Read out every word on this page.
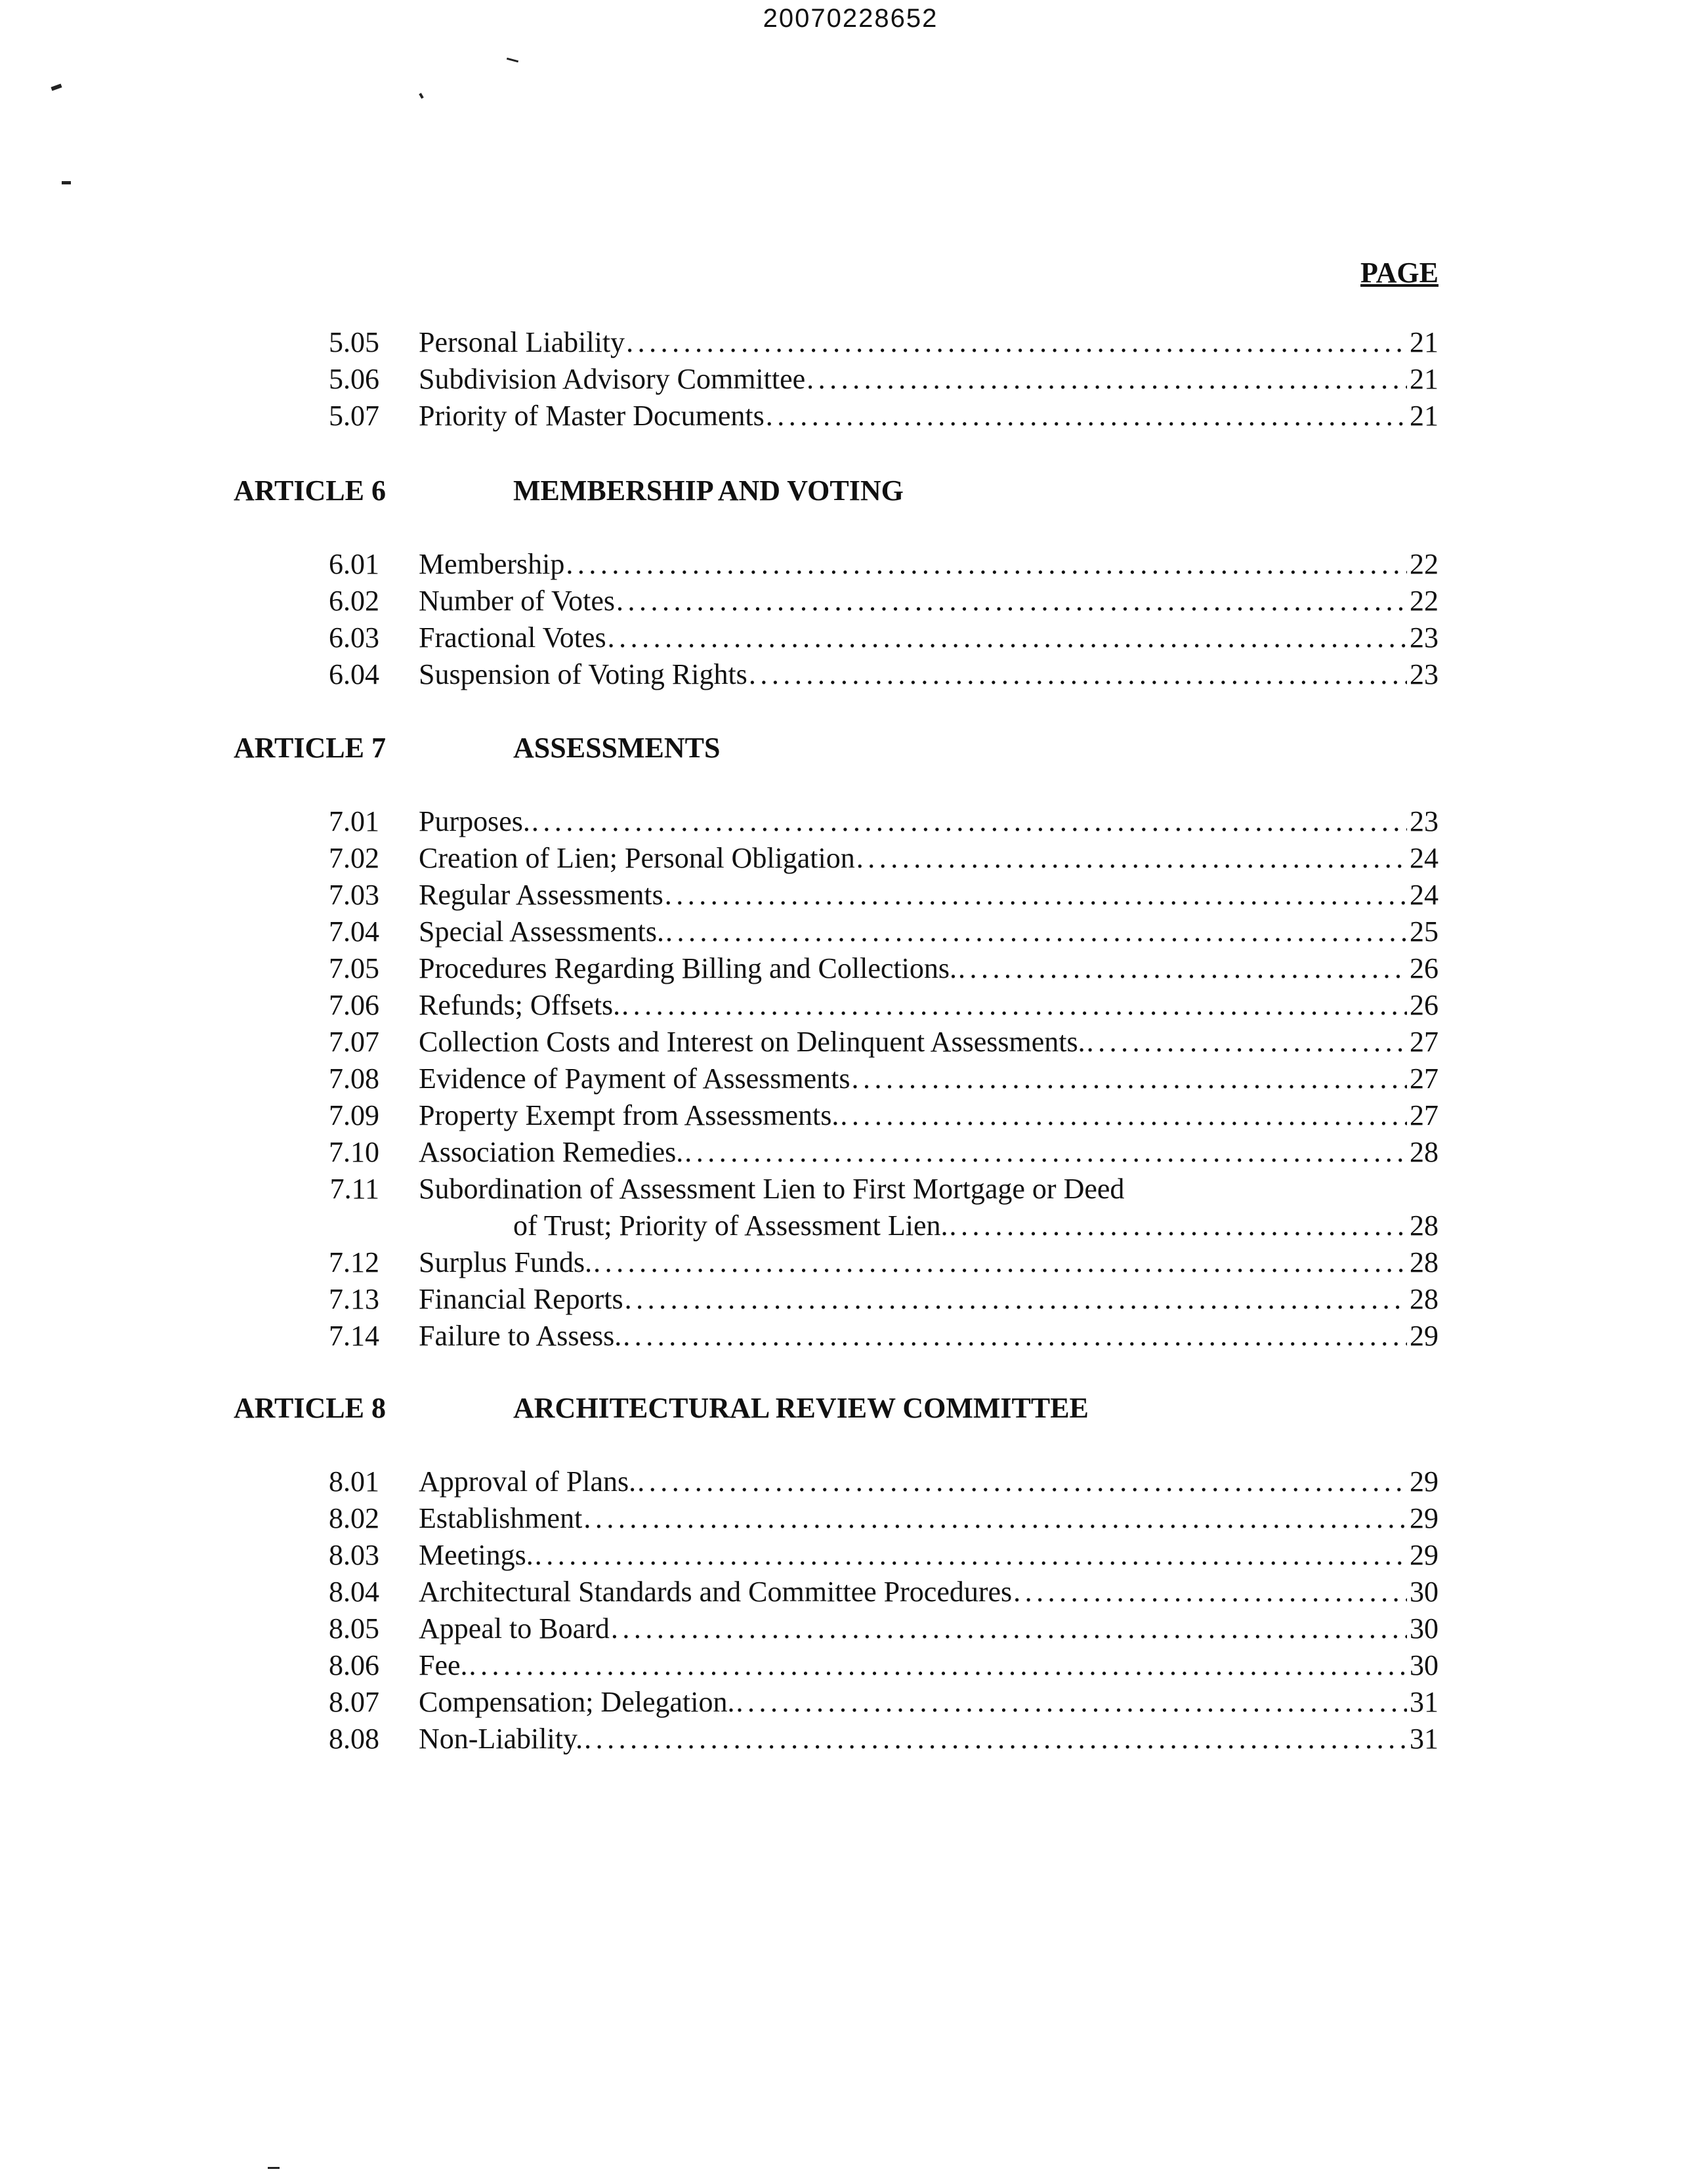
20070228652
PAGE
5.05 Personal Liability .....	21
5.06 Subdivision Advisory Committee .....	21
5.07 Priority of Master Documents .....	21
ARTICLE 6	MEMBERSHIP AND VOTING
6.01 Membership .....	22
6.02 Number of Votes .....	22
6.03 Fractional Votes .....	23
6.04 Suspension of Voting Rights .....	23
ARTICLE 7	ASSESSMENTS
7.01 Purposes. .....	23
7.02 Creation of Lien; Personal Obligation .....	24
7.03 Regular Assessments .....	24
7.04 Special Assessments. .....	25
7.05 Procedures Regarding Billing and Collections. .....	26
7.06 Refunds; Offsets. .....	26
7.07 Collection Costs and Interest on Delinquent Assessments. .....	27
7.08 Evidence of Payment of Assessments .....	27
7.09 Property Exempt from Assessments. .....	27
7.10 Association Remedies. .....	28
7.11 Subordination of Assessment Lien to First Mortgage or Deed
of Trust; Priority of Assessment Lien. .....	28
7.12 Surplus Funds. .....	28
7.13 Financial Reports .....	28
7.14 Failure to Assess. .....	29
ARTICLE 8	ARCHITECTURAL REVIEW COMMITTEE
8.01 Approval of Plans. .....	29
8.02 Establishment .....	29
8.03 Meetings. .....	29
8.04 Architectural Standards and Committee Procedures .....	30
8.05 Appeal to Board .....	30
8.06 Fee. .....	30
8.07 Compensation; Delegation. .....	31
8.08 Non-Liability. .....	31
